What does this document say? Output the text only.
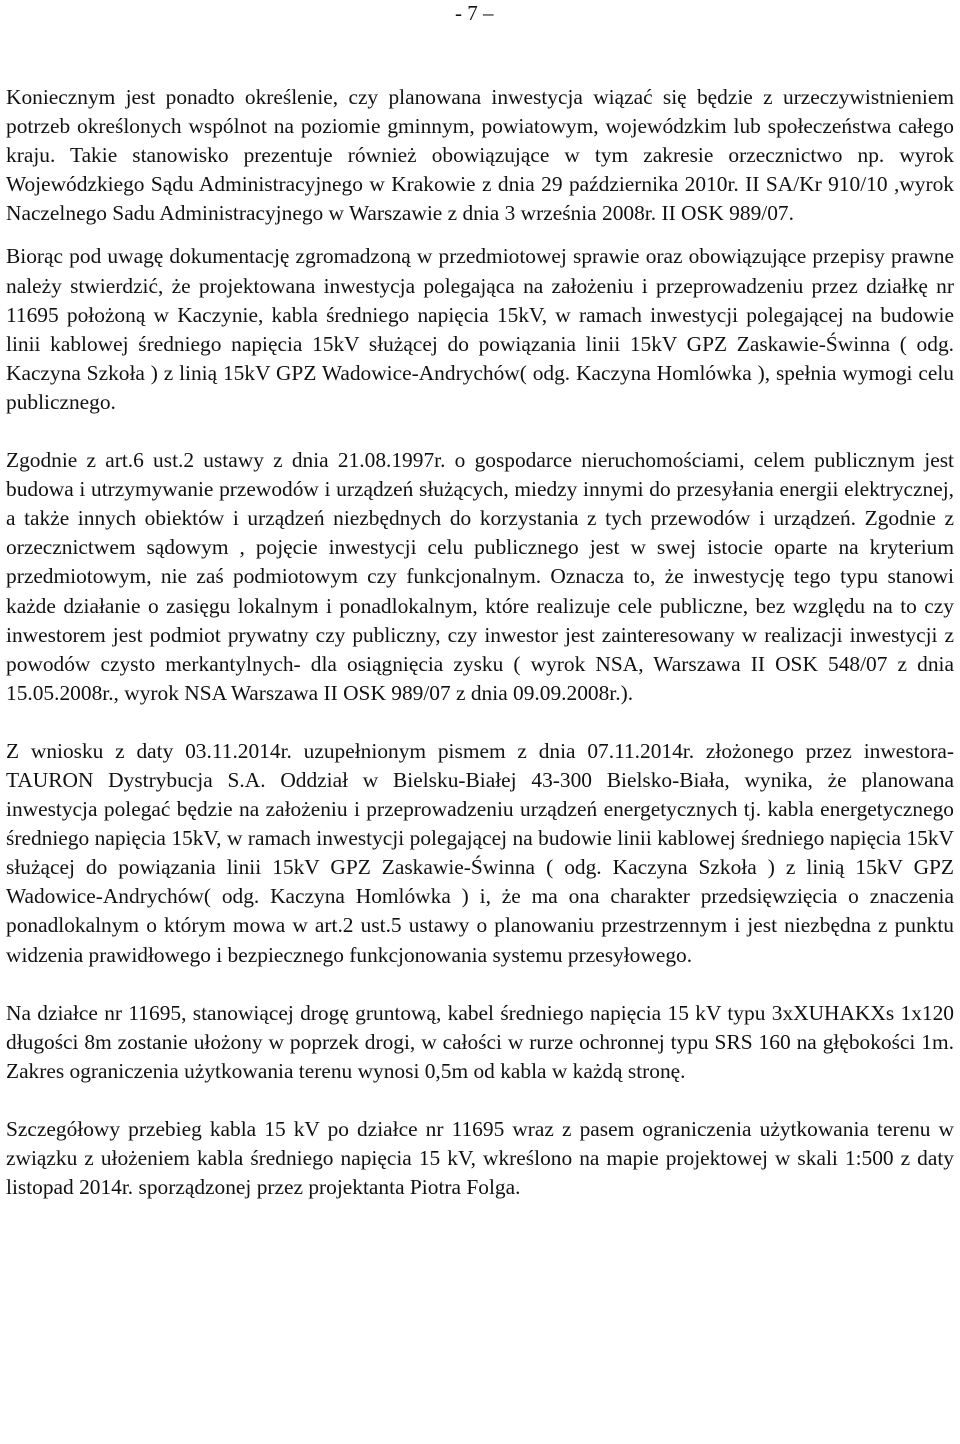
- 7 –

Koniecznym jest ponadto określenie, czy planowana inwestycja wiązać się będzie z urzeczywistnieniem potrzeb określonych wspólnot na poziomie gminnym, powiatowym, wojewódzkim lub społeczeństwa całego kraju. Takie stanowisko prezentuje również obowiązujące w tym zakresie orzecznictwo np. wyrok Wojewódzkiego Sądu Administracyjnego w Krakowie z dnia 29 października 2010r. II SA/Kr 910/10 ,wyrok Naczelnego Sadu Administracyjnego w Warszawie z dnia 3 września 2008r. II OSK 989/07.

Biorąc pod uwagę dokumentację zgromadzoną w przedmiotowej sprawie oraz obowiązujące przepisy prawne należy stwierdzić, że projektowana inwestycja polegająca na założeniu i przeprowadzeniu przez działkę nr 11695 położoną w Kaczynie, kabla średniego napięcia 15kV, w ramach inwestycji polegającej na budowie linii kablowej średniego napięcia 15kV służącej do powiązania linii 15kV GPZ Zaskawie-Świnna ( odg. Kaczyna Szkoła ) z linią 15kV GPZ Wadowice-Andrychów( odg. Kaczyna Homlówka ), spełnia wymogi celu publicznego.

Zgodnie z art.6 ust.2 ustawy z dnia 21.08.1997r. o gospodarce nieruchomościami, celem publicznym jest budowa i utrzymywanie przewodów i urządzeń służących, miedzy innymi do przesyłania energii elektrycznej, a także innych obiektów i urządzeń niezbędnych do korzystania z tych przewodów i urządzeń. Zgodnie z orzecznictwem sądowym , pojęcie inwestycji celu publicznego jest w swej istocie oparte na kryterium przedmiotowym, nie zaś podmiotowym czy funkcjonalnym. Oznacza to, że inwestycję tego typu stanowi każde działanie o zasięgu lokalnym i ponadlokalnym, które realizuje cele publiczne, bez względu na to czy inwestorem jest podmiot prywatny czy publiczny, czy inwestor jest zainteresowany w realizacji inwestycji z powodów czysto merkantylnych- dla osiągnięcia zysku ( wyrok NSA, Warszawa II OSK 548/07 z dnia 15.05.2008r., wyrok NSA Warszawa II OSK 989/07 z dnia 09.09.2008r.).

Z wniosku z daty 03.11.2014r. uzupełnionym pismem z dnia 07.11.2014r. złożonego przez inwestora- TAURON Dystrybucja S.A. Oddział w Bielsku-Białej 43-300 Bielsko-Biała, wynika, że planowana inwestycja polegać będzie na założeniu i przeprowadzeniu urządzeń energetycznych tj. kabla energetycznego średniego napięcia 15kV, w ramach inwestycji polegającej na budowie linii kablowej średniego napięcia 15kV służącej do powiązania linii 15kV GPZ Zaskawie-Świnna ( odg. Kaczyna Szkoła ) z linią 15kV GPZ Wadowice-Andrychów( odg. Kaczyna Homlówka ) i, że ma ona charakter przedsięwzięcia o znaczenia ponadlokalnym o którym mowa w art.2 ust.5 ustawy o planowaniu przestrzennym i jest niezbędna z punktu widzenia prawidłowego i bezpiecznego funkcjonowania systemu przesyłowego.

Na działce nr 11695, stanowiącej drogę gruntową, kabel średniego napięcia 15 kV typu 3xXUHAKXs 1x120 długości 8m zostanie ułożony w poprzek drogi, w całości w rurze ochronnej typu SRS 160 na głębokości 1m. Zakres ograniczenia użytkowania terenu wynosi 0,5m od kabla w każdą stronę.

Szczegółowy przebieg kabla 15 kV po działce nr 11695 wraz z pasem ograniczenia użytkowania terenu w związku z ułożeniem kabla średniego napięcia 15 kV, wkreślono na mapie projektowej w skali 1:500 z daty listopad 2014r. sporządzonej przez projektanta Piotra Folga.
